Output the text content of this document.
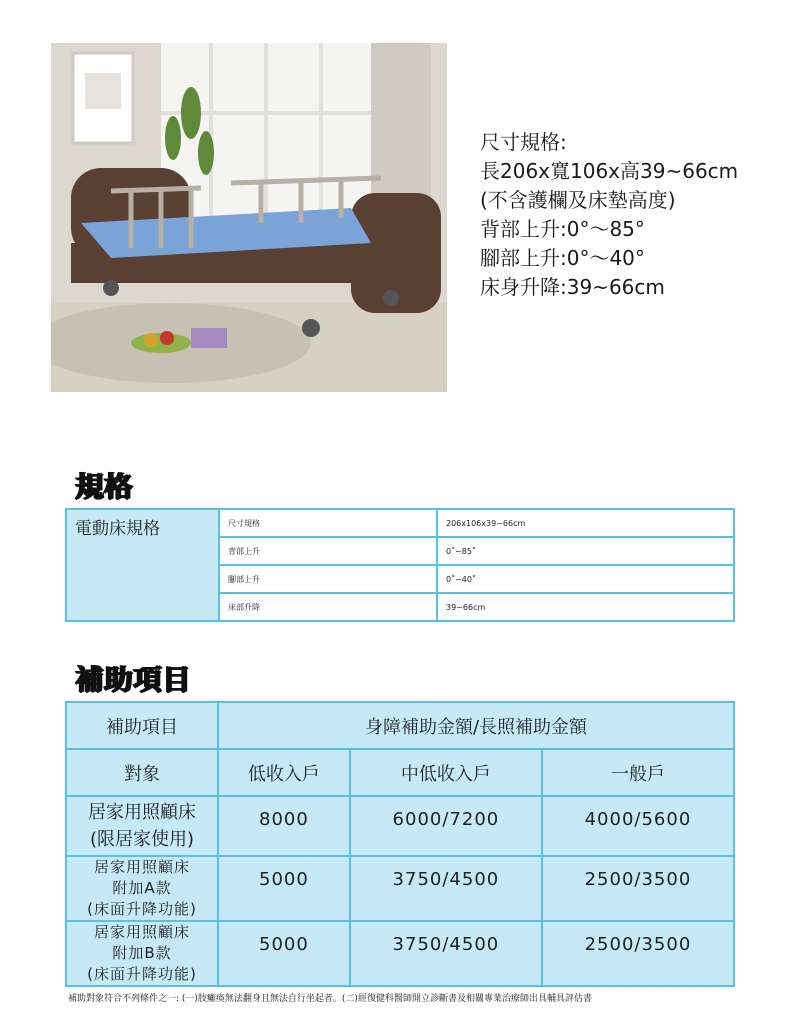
尺寸規格:
長206x寬106x高39~66cm
(不含護欄及床墊高度)
背部上升:0°～85°
腳部上升:0°～40°
床身升降:39~66cm
規格
電動床規格	尺寸規格	206x106x39~66cm
	背部上升	0˚~85˚
	腳部上升	0˚~40˚
	床部升降	39~66cm
補助項目
補助項目	身障補助金額/長照補助金額		
對象	低收入戶	中低收入戶	一般戶

居家用照顧床
(限居家使用)	8000	6000/7200	4000/5600

居家用照顧床
附加A款
(床面升降功能)	5000	3750/4500	2500/3500

居家用照顧床
附加B款
(床面升降功能)	5000	3750/4500	2500/3500
補助對象符合不列條件之一: (一)肢癱瘓無法翻身且無法自行坐起者。(二)經復健科醫師開立診斷書及相關專業治療師出具輔具評估書
